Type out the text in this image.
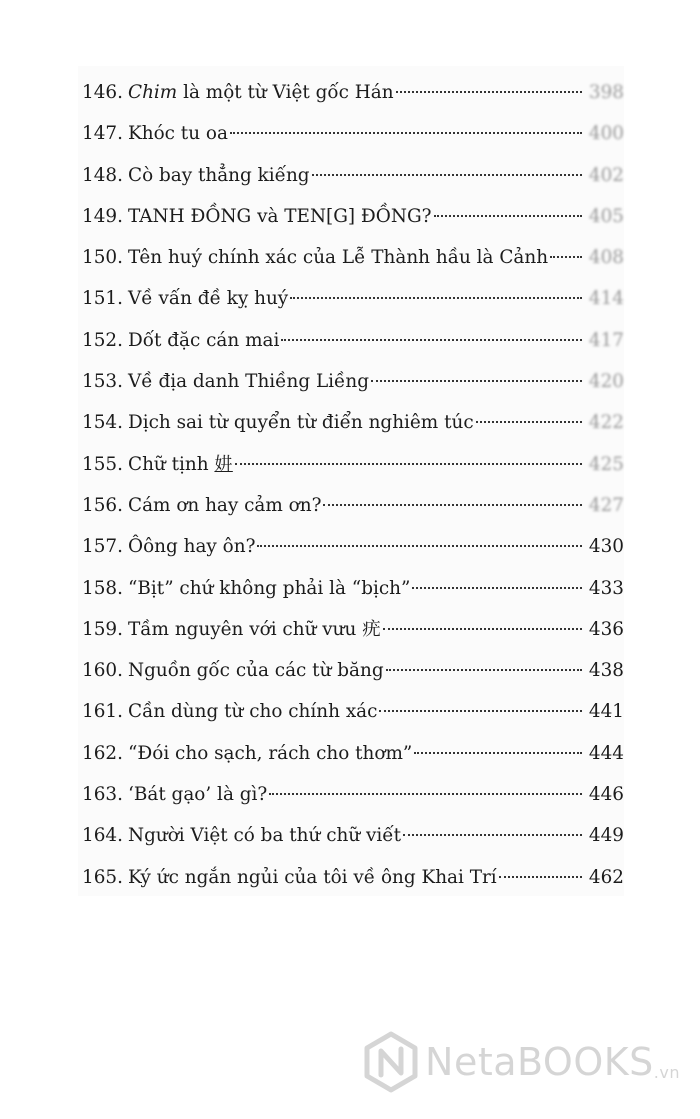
146. Chim là một từ Việt gốc Hán	398
147. Khóc tu oa	400
148. Cò bay thẳng kiếng	402
149. TANH ĐỒNG và TEN[G] ĐỒNG?	405
150. Tên huý chính xác của Lễ Thành hầu là Cảnh 408
151. Về vấn đề kỵ huý	414
152. Dốt đặc cán mai	417
153. Về địa danh Thiềng Liềng	420
154. Dịch sai từ quyển từ điển nghiêm túc	422
155. Chữ tịnh 妌	425
156. Cám ơn hay cảm ơn?	427
157. Ôông hay ôn?	430
158. “Bịt” chứ không phải là “bịch”	433
159. Tầm nguyên với chữ vưu 疣	436
160. Nguồn gốc của các từ băng	438
161. Cần dùng từ cho chính xác	441
162. “Đói cho sạch, rách cho thơm”	444
163. ‘Bát gạo’ là gì?	446
164. Người Việt có ba thứ chữ viết	449
165. Ký ức ngắn ngủi của tôi về ông Khai Trí	462
NetaBOOKS.vn
